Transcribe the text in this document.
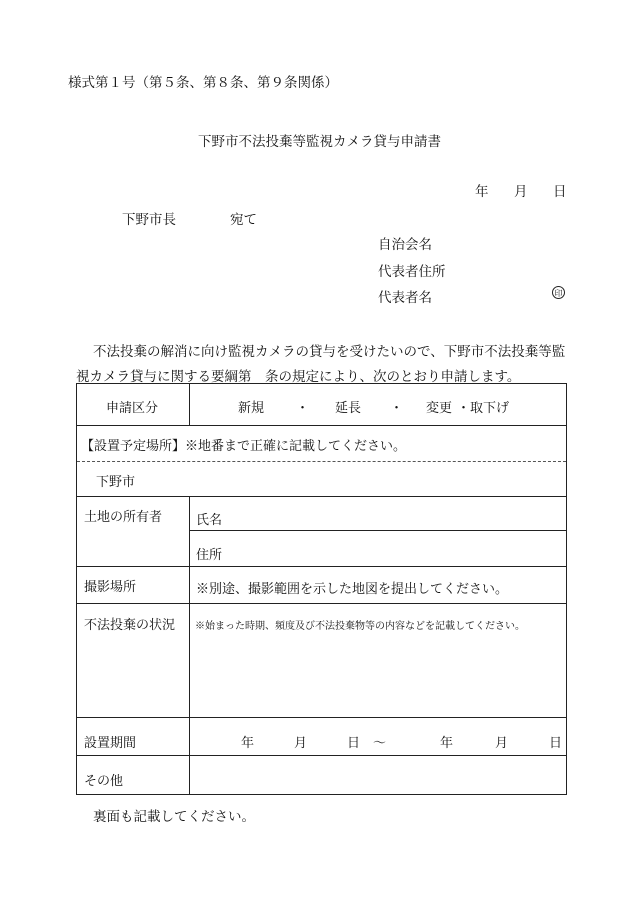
様式第１号（第５条、第８条、第９条関係）
下野市不法投棄等監視カメラ貸与申請書
年 月 日
下野市長	宛て
自治会名
代表者住所
代表者名	印
不法投棄の解消に向け監視カメラの貸与を受けたいので、下野市不法投棄等監
視カメラ貸与に関する要綱第　条の規定により、次のとおり申請します。
申請区分	新規 ・ 延長 ・ 変更 ・取下げ
【設置予定場所】※地番まで正確に記載してください。
下野市
土地の所有者	氏名
住所
撮影場所	※別途、撮影範囲を示した地図を提出してください。
不法投棄の状況 ※始まった時期、頻度及び不法投棄物等の内容などを記載してください。
設置期間	年	月	日 ～	年	月	日
その他
裏面も記載してください。
